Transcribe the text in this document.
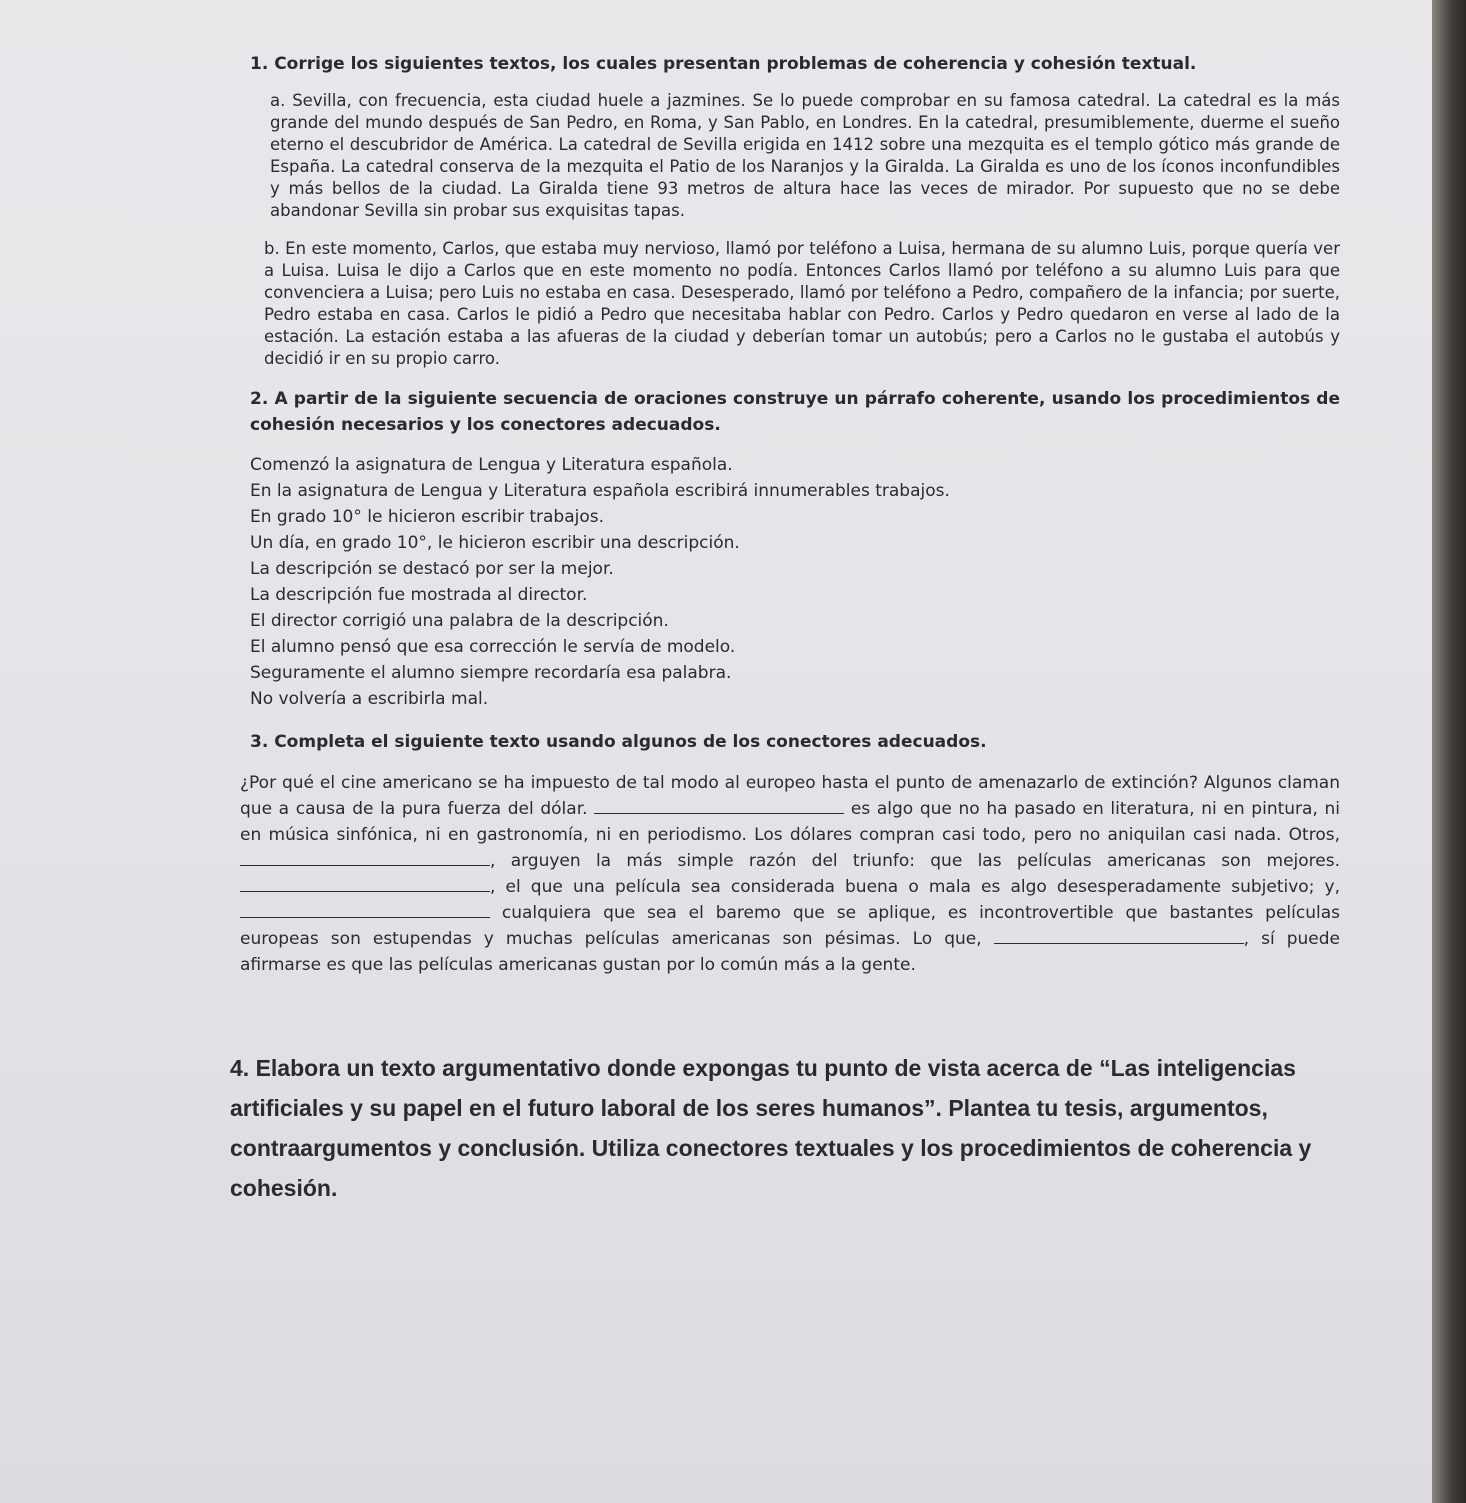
1. Corrige los siguientes textos, los cuales presentan problemas de coherencia y cohesión textual.

a. Sevilla, con frecuencia, esta ciudad huele a jazmines. Se lo puede comprobar en su famosa catedral. La catedral es la más grande del mundo después de San Pedro, en Roma, y San Pablo, en Londres. En la catedral, presumiblemente, duerme el sueño eterno el descubridor de América. La catedral de Sevilla erigida en 1412 sobre una mezquita es el templo gótico más grande de España. La catedral conserva de la mezquita el Patio de los Naranjos y la Giralda. La Giralda es uno de los íconos inconfundibles y más bellos de la ciudad. La Giralda tiene 93 metros de altura hace las veces de mirador. Por supuesto que no se debe abandonar Sevilla sin probar sus exquisitas tapas.

b. En este momento, Carlos, que estaba muy nervioso, llamó por teléfono a Luisa, hermana de su alumno Luis, porque quería ver a Luisa. Luisa le dijo a Carlos que en este momento no podía. Entonces Carlos llamó por teléfono a su alumno Luis para que convenciera a Luisa; pero Luis no estaba en casa. Desesperado, llamó por teléfono a Pedro, compañero de la infancia; por suerte, Pedro estaba en casa. Carlos le pidió a Pedro que necesitaba hablar con Pedro. Carlos y Pedro quedaron en verse al lado de la estación. La estación estaba a las afueras de la ciudad y deberían tomar un autobús; pero a Carlos no le gustaba el autobús y decidió ir en su propio carro.

2. A partir de la siguiente secuencia de oraciones construye un párrafo coherente, usando los procedimientos de cohesión necesarios y los conectores adecuados.

Comenzó la asignatura de Lengua y Literatura española.
En la asignatura de Lengua y Literatura española escribirá innumerables trabajos.
En grado 10° le hicieron escribir trabajos.
Un día, en grado 10°, le hicieron escribir una descripción.
La descripción se destacó por ser la mejor.
La descripción fue mostrada al director.
El director corrigió una palabra de la descripción.
El alumno pensó que esa corrección le servía de modelo.
Seguramente el alumno siempre recordaría esa palabra.
No volvería a escribirla mal.

3. Completa el siguiente texto usando algunos de los conectores adecuados.

¿Por qué el cine americano se ha impuesto de tal modo al europeo hasta el punto de amenazarlo de extinción? Algunos claman que a causa de la pura fuerza del dólar.	es algo que no ha pasado en literatura, ni en pintura, ni en música sinfónica, ni en gastronomía, ni en periodismo. Los dólares compran casi todo, pero no aniquilan casi nada. Otros, , arguyen la más simple razón del triunfo: que las películas americanas son mejores. , el que una película sea considerada buena o mala es algo desesperadamente subjetivo; y,  cualquiera que sea el baremo que se aplique, es incontrovertible que bastantes películas europeas son estupendas y muchas películas americanas son pésimas. Lo que,	, sí puede afirmarse es que las películas americanas gustan por lo común más a la gente.

4. Elabora un texto argumentativo donde expongas tu punto de vista acerca de “Las inteligencias artificiales y su papel en el futuro laboral de los seres humanos”. Plantea tu tesis, argumentos, contraargumentos y conclusión. Utiliza conectores textuales y los procedimientos de coherencia y cohesión.
